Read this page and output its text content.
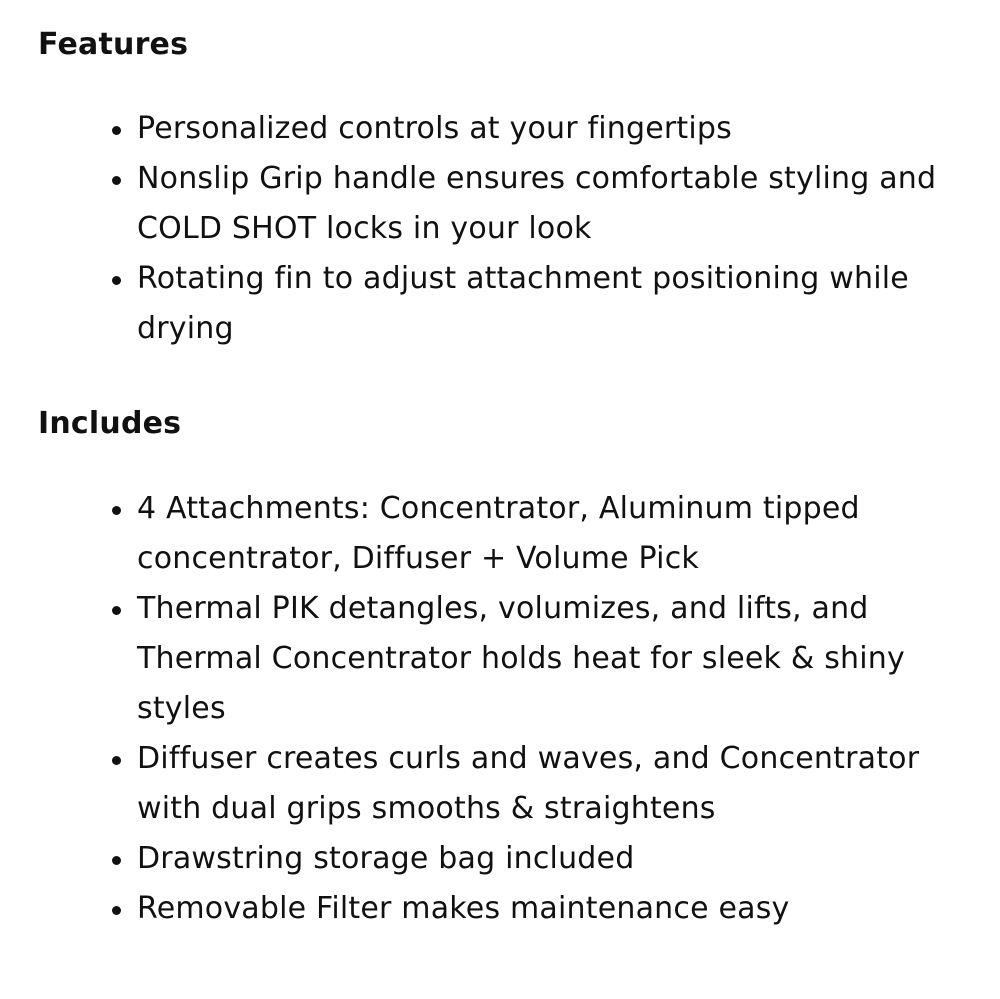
Features
Personalized controls at your fingertips
Nonslip Grip handle ensures comfortable styling and COLD SHOT locks in your look
Rotating fin to adjust attachment positioning while drying
Includes
4 Attachments: Concentrator, Aluminum tipped concentrator, Diffuser + Volume Pick
Thermal PIK detangles, volumizes, and lifts, and Thermal Concentrator holds heat for sleek & shiny styles
Diffuser creates curls and waves, and Concentrator with dual grips smooths & straightens
Drawstring storage bag included
Removable Filter makes maintenance easy
